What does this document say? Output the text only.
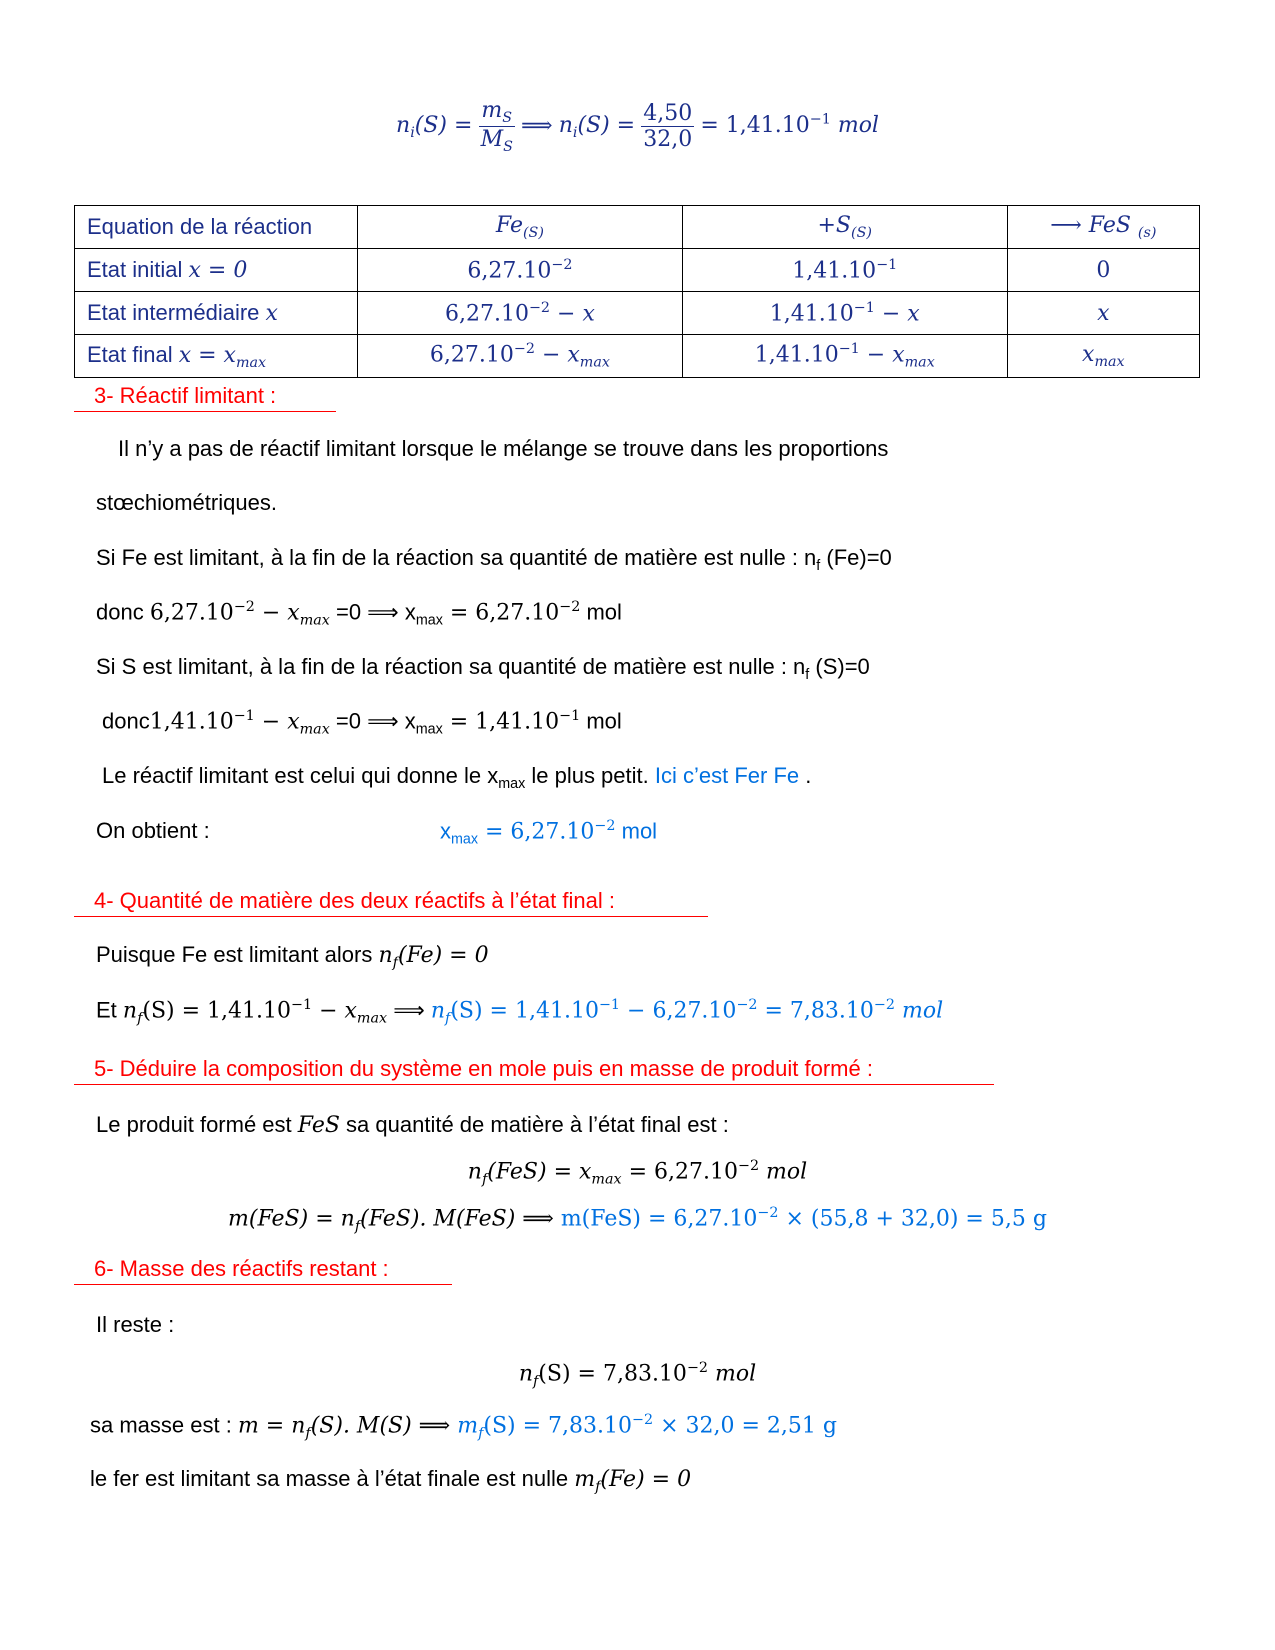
$n_i(S) = \frac{m_S}{M_S}$ ⟹ $n_i(S) = \frac{4,50}{32,0} = 1,41.10^{-1}$ mol
Equation de la réaction	$Fe_{(S)}$	$+S_{(S)}$	⟶ FeS $_{(s)}$
Etat initial x = 0	$6,27.10^{-2}$	$1,41.10^{-1}$	0
Etat intermédiaire x	$6,27.10^{-2} - x$	$1,41.10^{-1} - x$	x
Etat final $x = x_{max}$	$6,27.10^{-2} - x_{max}$	$1,41.10^{-1} - x_{max}$	$x_{max}$
3- Réactif limitant :
Il n’y a pas de réactif limitant lorsque le mélange se trouve dans les proportions
stœchiométriques.
Si Fe est limitant, à la fin de la réaction sa quantité de matière est nulle : $n_f$ (Fe)=0
donc $6,27.10^{-2} - x_{max} =0$ ⟹ $x_{max} = 6,27.10^{-2}$ mol
Si S est limitant, à la fin de la réaction sa quantité de matière est nulle : $n_f$ (S)=0
$donc1,41.10^{-1} - x_{max} =0$ ⟹ $x_{max} = 1,41.10^{-1}$ mol
Le réactif limitant est celui qui donne le $x_{max}$ le plus petit. Ici c’est Fer Fe .
On obtient :	$x_{max} = 6,27.10^{-2}$ mol
4- Quantité de matière des deux réactifs à l’état final :
Puisque Fe est limitant alors $n_f(Fe) = 0$
Et $n_f(S) = 1,41.10^{-1} - x_{max}$ ⟹ $n_f(S) = 1,41.10^{-1} - 6,27.10^{-2} = 7,83.10^{-2}$ mol
5- Déduire la composition du système en mole puis en masse de produit formé :
Le produit formé est FeS sa quantité de matière à l’état final est :
$n_f(FeS) = x_{max} = 6,27.10^{-2}$ mol
$m(FeS) = n_f(FeS)$. M(FeS) ⟹ $m(FeS) = 6,27.10^{-2} \times (55,8 + 32,0) = 5,5$ g
6- Masse des réactifs restant :
Il reste :
$n_f(S) = 7,83.10^{-2}$ mol
sa masse est : $m = n_f(S)$. M(S) ⟹ $m_f(S) = 7,83.10^{-2} \times 32,0 = 2,51$ g
le fer est limitant sa masse à l’état finale est nulle $m_f(Fe) = 0$
